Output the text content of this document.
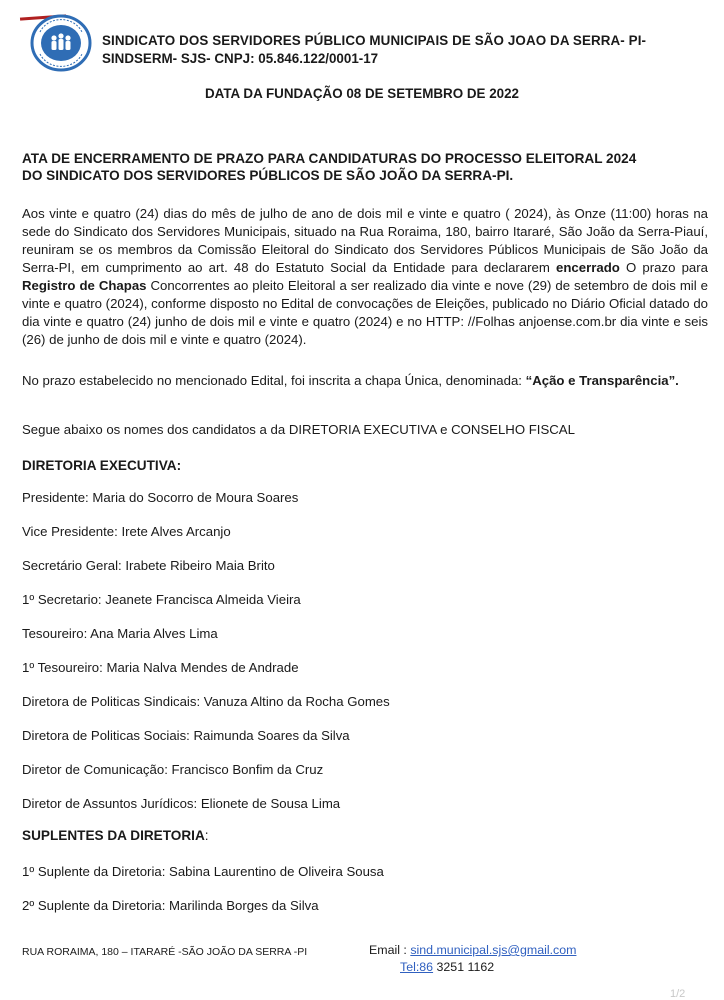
SINDICATO DOS SERVIDORES PÚBLICO MUNICIPAIS DE SÃO JOAO DA SERRA- PI-
SINDSERM- SJS- CNPJ: 05.846.122/0001-17
DATA DA FUNDAÇÃO 08 DE SETEMBRO DE 2022
ATA DE ENCERRAMENTO DE PRAZO PARA CANDIDATURAS DO PROCESSO ELEITORAL 2024
DO SINDICATO DOS SERVIDORES PÚBLICOS DE SÃO JOÃO DA SERRA-PI.
Aos vinte e quatro (24) dias do mês de julho de ano de dois mil e vinte e quatro ( 2024), às Onze (11:00) horas na sede do Sindicato dos Servidores Municipais, situado na Rua Roraima, 180, bairro Itararé, São João da Serra-Piauí, reuniram se os membros da Comissão Eleitoral do Sindicato dos Servidores Públicos Municipais de São João da Serra-PI, em cumprimento ao art. 48 do Estatuto Social da Entidade para declararem encerrado O prazo para Registro de Chapas Concorrentes ao pleito Eleitoral a ser realizado dia vinte e nove (29) de setembro de dois mil e vinte e quatro (2024), conforme disposto no Edital de convocações de Eleições, publicado no Diário Oficial datado do dia vinte e quatro (24) junho de dois mil e vinte e quatro (2024) e no HTTP: //Folhas anjoense.com.br dia vinte e seis (26) de junho de dois mil e vinte e quatro (2024).
No prazo estabelecido no mencionado Edital, foi inscrita a chapa Única, denominada: “Ação e Transparência”.
Segue abaixo os nomes dos candidatos a da DIRETORIA EXECUTIVA e CONSELHO FISCAL
DIRETORIA EXECUTIVA:
Presidente: Maria do Socorro de Moura Soares
Vice Presidente: Irete Alves Arcanjo
Secretário Geral: Irabete Ribeiro Maia Brito
1º Secretario: Jeanete Francisca Almeida Vieira
Tesoureiro: Ana Maria Alves Lima
1º Tesoureiro: Maria Nalva Mendes de Andrade
Diretora de Politicas Sindicais: Vanuza Altino da Rocha Gomes
Diretora de Politicas Sociais: Raimunda Soares da Silva
Diretor de Comunicação: Francisco Bonfim da Cruz
Diretor de Assuntos Jurídicos: Elionete de Sousa Lima
SUPLENTES DA DIRETORIA:
1º Suplente da Diretoria: Sabina Laurentino de Oliveira Sousa
2º Suplente da Diretoria: Marilinda Borges da Silva
RUA RORAIMA, 180 – ITARARÉ -SÃO JOÃO DA SERRA -PI	Email : sind.municipal.sjs@gmail.com
Tel:86 3251 1162
1/2
